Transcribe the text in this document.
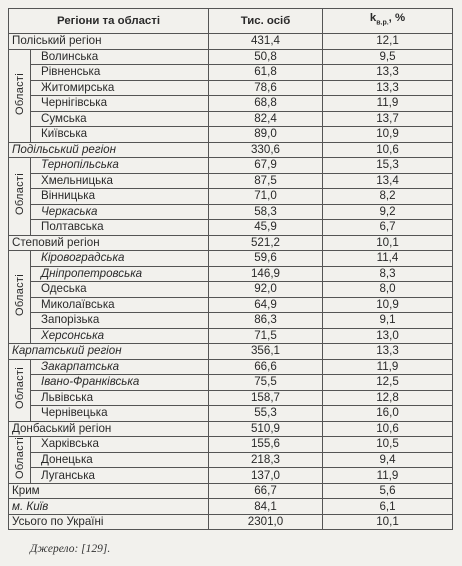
Регіони та області		Тис. осіб	$k_{в.р.}$, %
Поліський регіон		431,4	12,1
Області	Волинська	50,8	9,5
	Рівненська	61,8	13,3
	Житомирська	78,6	13,3
	Чернігівська	68,8	11,9
	Сумська	82,4	13,7
	Київська	89,0	10,9
Подільський регіон		330,6	10,6
Області	Тернопільська	67,9	15,3
	Хмельницька	87,5	13,4
	Вінницька	71,0	8,2
	Черкаська	58,3	9,2
	Полтавська	45,9	6,7
Степовий регіон		521,2	10,1
Області	Кіровоградська	59,6	11,4
	Дніпропетровська	146,9	8,3
	Одеська	92,0	8,0
	Миколаївська	64,9	10,9
	Запорізька	86,3	9,1
	Херсонська	71,5	13,0
Карпатський регіон		356,1	13,3
Області	Закарпатська	66,6	11,9
	Івано-Франківська	75,5	12,5
	Львівська	158,7	12,8
	Чернівецька	55,3	16,0
Донбаський регіон		510,9	10,6
Області	Харківська	155,6	10,5
	Донецька	218,3	9,4
	Луганська	137,0	11,9
Крим		66,7	5,6
м. Київ		84,1	6,1
Усього по Україні		2301,0	10,1
Джерело: [129].
